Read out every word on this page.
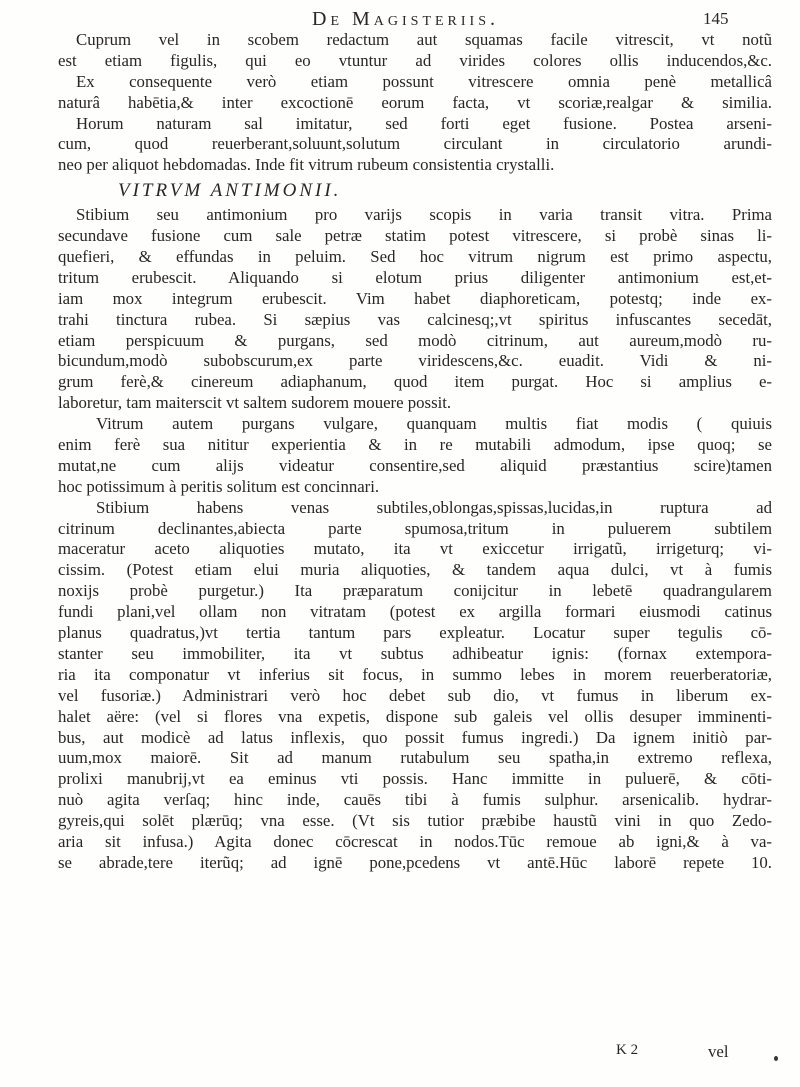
De Magisteriis.	145
Cuprum vel in scobem redactum aut squamas facile vitrescit, vt notũ
est etiam figulis, qui eo vtuntur ad virides colores ollis inducendos,&c.
Ex consequente verò etiam possunt vitrescere omnia penè metallicâ
naturâ habētia,& inter excoctionē eorum facta, vt scoriæ,realgar & similia.
Horum naturam sal imitatur, sed forti eget fusione. Postea arseni-
cum, quod reuerberant,soluunt,solutum circulant in circulatorio arundi-
neo per aliquot hebdomadas. Inde fit vitrum rubeum consistentia crystalli.
VITRVM ANTIMONII.
Stibium seu antimonium pro varijs scopis in varia transit vitra. Prima
secundave fusione cum sale petræ statim potest vitrescere, si probè sinas li-
quefieri, & effundas in peluim. Sed hoc vitrum nigrum est primo aspectu,
tritum erubescit. Aliquando si elotum prius diligenter antimonium est,et-
iam mox integrum erubescit. Vim habet diaphoreticam, potestq; inde ex-
trahi tinctura rubea. Si sæpius vas calcinesq;,vt spiritus infuscantes secedāt,
etiam perspicuum & purgans, sed modò citrinum, aut aureum,modò ru-
bicundum,modò subobscurum,ex parte viridescens,&c. euadit. Vidi & ni-
grum ferè,& cinereum adiaphanum, quod item purgat. Hoc si amplius e-
laboretur, tam maiterscit vt saltem sudorem mouere possit.
Vitrum autem purgans vulgare, quanquam multis fiat modis ( quiuis
enim ferè sua nititur experientia & in re mutabili admodum, ipse quoq; se
mutat,ne cum alijs videatur consentire,sed aliquid præstantius scire)tamen
hoc potissimum à peritis solitum est concinnari.
Stibium habens venas subtiles,oblongas,spissas,lucidas,in ruptura ad
citrinum declinantes,abiecta parte spumosa,tritum in puluerem subtilem
maceratur aceto aliquoties mutato, ita vt exiccetur irrigatũ, irrigeturq; vi-
cissim. (Potest etiam elui muria aliquoties, & tandem aqua dulci, vt à fumis
noxijs probè purgetur.) Ita præparatum conijcitur in lebetē quadrangularem
fundi plani,vel ollam non vitratam (potest ex argilla formari eiusmodi catinus
planus quadratus,)vt tertia tantum pars expleatur. Locatur super tegulis cō-
stanter seu immobiliter, ita vt subtus adhibeatur ignis: (fornax extempora-
ria ita componatur vt inferius sit focus, in summo lebes in morem reuerberatoriæ,
vel fusoriæ.) Administrari verò hoc debet sub dio, vt fumus in liberum ex-
halet aëre: (vel si flores vna expetis, dispone sub galeis vel ollis desuper imminenti-
bus, aut modicè ad latus inflexis, quo possit fumus ingredi.) Da ignem initiò par-
uum,mox maiorē. Sit ad manum rutabulum seu spatha,in extremo reflexa,
prolixi manubrij,vt ea eminus vti possis. Hanc immitte in puluerē, & cōti-
nuò agita verſaq; hinc inde, cauēs tibi à fumis sulphur. arsenicalib. hydrar-
gyreis,qui solēt plærūq; vna esse. (Vt sis tutior præbibe haustũ vini in quo Zedo-
aria sit infusa.) Agita donec cōcrescat in nodos.Tūc remoue ab igni,& à va-
se abrade,tere iterũq; ad ignē pone,pcedens vt antē.Hūc laborē repete 10.
K 2	vel
